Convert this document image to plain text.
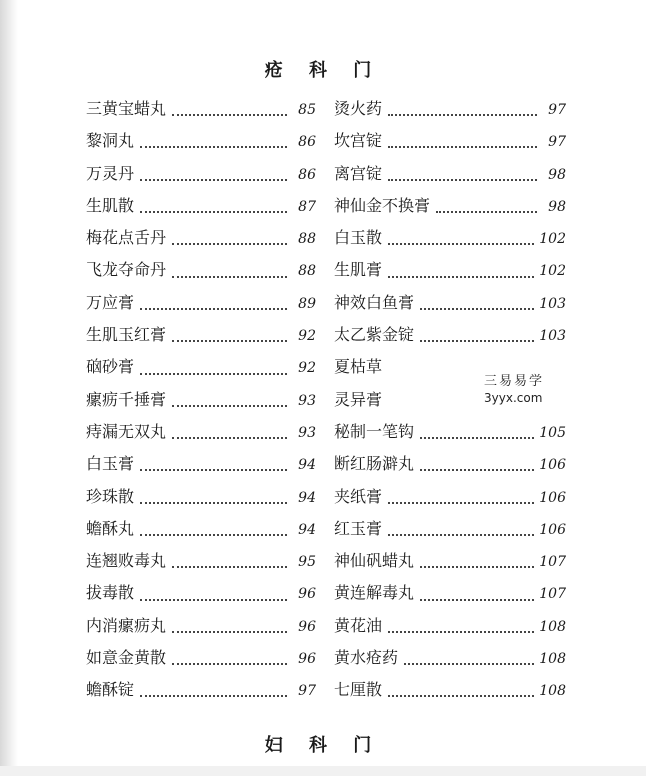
疮 科 门
三黄宝蜡丸	85
黎洞丸	86
万灵丹	86
生肌散	87
梅花点舌丹	88
飞龙夺命丹	88
万应膏	89
生肌玉红膏	92
硇砂膏	92
瘰疬千捶膏	93
痔漏无双丸	93
白玉膏	94
珍珠散	94
蟾酥丸	94
连翘败毒丸	95
拔毒散	96
内消瘰疬丸	96
如意金黄散	96
蟾酥锭	97
烫火药	97
坎宫锭	97
离宫锭	98
神仙金不换膏	98
白玉散	102
生肌膏	102
神效白鱼膏	103
太乙紫金锭	103
夏枯草
灵异膏
秘制一笔钩	105
断红肠澼丸	106
夹纸膏	106
红玉膏	106
神仙矾蜡丸	107
黄连解毒丸	107
黄花油	108
黄水疮药	108
七厘散	108
三易易学
3yyx.com
妇 科 门
